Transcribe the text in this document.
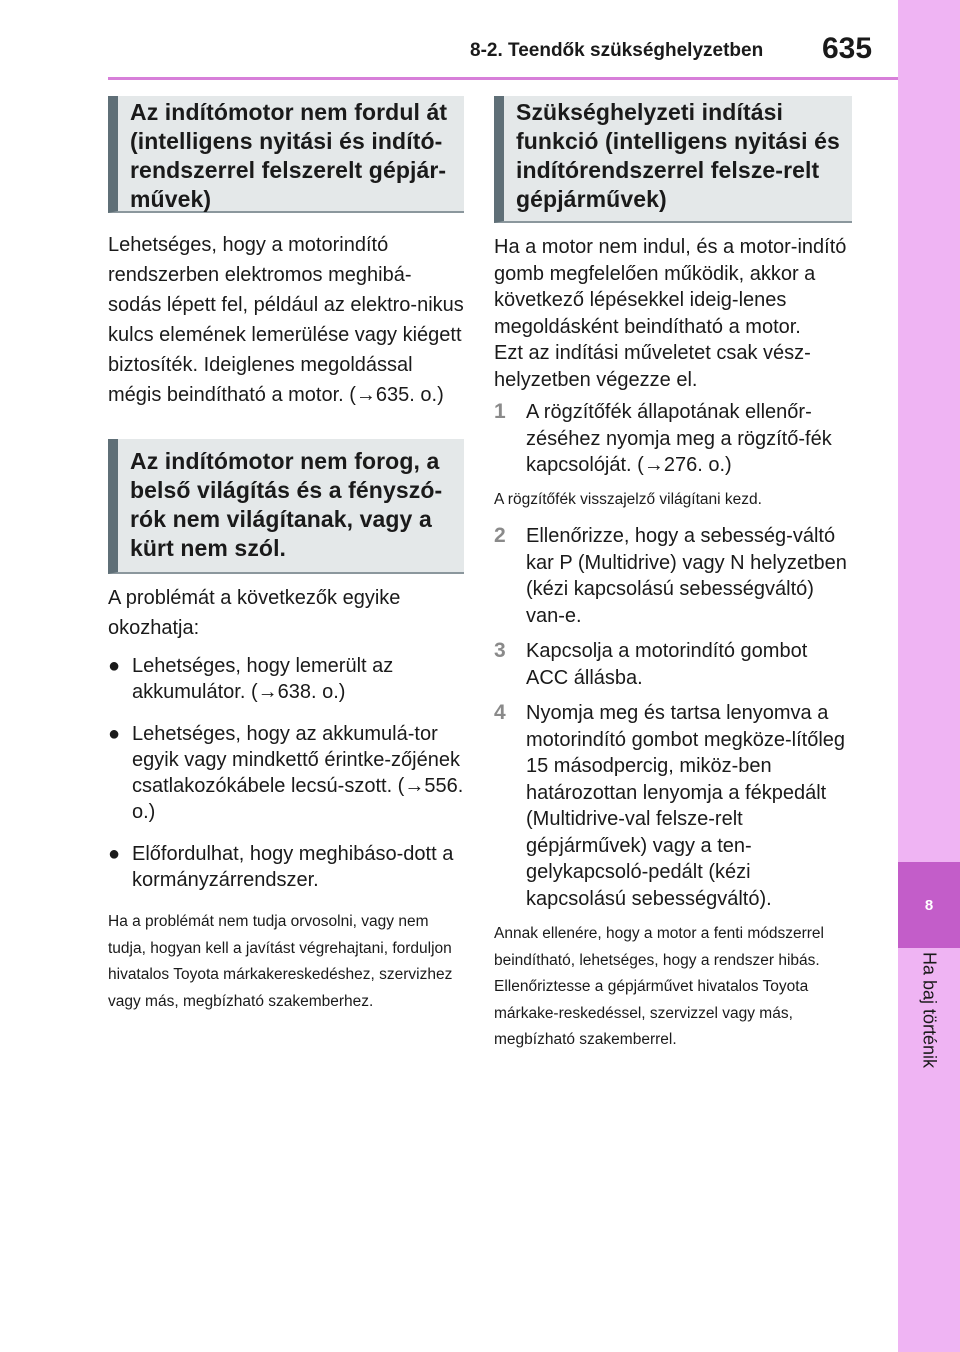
8-2. Teendők szükséghelyzetben	635
8
Ha baj történik
Az indítómotor nem fordul át (intelligens nyitási és indító-rendszerrel felszerelt gépjár-művek)

Lehetséges, hogy a motorindító rendszerben elektromos meghibá-sodás lépett fel, például az elektro-nikus kulcs elemének lemerülése vagy kiégett biztosíték. Ideiglenes megoldással mégis beindítható a motor. (→635. o.)

Az indítómotor nem forog, a belső világítás és a fényszó-rók nem világítanak, vagy a kürt nem szól.

A problémát a következők egyike okozhatja:

● Lehetséges, hogy lemerült az akkumulátor. (→638. o.)
● Lehetséges, hogy az akkumulá-tor egyik vagy mindkettő érintke-zőjének csatlakozókábele lecsú-szott. (→556. o.)
● Előfordulhat, hogy meghibáso-dott a kormányzárrendszer.

Ha a problémát nem tudja orvosolni, vagy nem tudja, hogyan kell a javítást végrehajtani, forduljon hivatalos Toyota márkakereskedéshez, szervizhez vagy más, megbízható szakemberhez.

Szükséghelyzeti indítási funkció (intelligens nyitási és indítórendszerrel felsze-relt gépjárművek)

Ha a motor nem indul, és a motor-indító gomb megfelelően működik, akkor a következő lépésekkel ideig-lenes megoldásként beindítható a motor.

Ezt az indítási műveletet csak vész-helyzetben végezze el.

1	A rögzítőfék állapotának ellenőr-zéséhez nyomja meg a rögzítő-fék kapcsolóját. (→276. o.)

A rögzítőfék visszajelző világítani kezd.

2	Ellenőrizze, hogy a sebesség-váltó kar P (Multidrive) vagy N helyzetben (kézi kapcsolású sebességváltó) van-e.
3	Kapcsolja a motorindító gombot ACC állásba.
4	Nyomja meg és tartsa lenyomva a motorindító gombot megköze-lítőleg 15 másodpercig, miköz-ben határozottan lenyomja a fékpedált (Multidrive-val felsze-relt gépjárművek) vagy a ten-gelykapcsoló-pedált (kézi kapcsolású sebességváltó).

Annak ellenére, hogy a motor a fenti módszerrel beindítható, lehetséges, hogy a rendszer hibás. Ellenőriztesse a gépjárművet hivatalos Toyota márkake-reskedéssel, szervizzel vagy más, megbízható szakemberrel.
